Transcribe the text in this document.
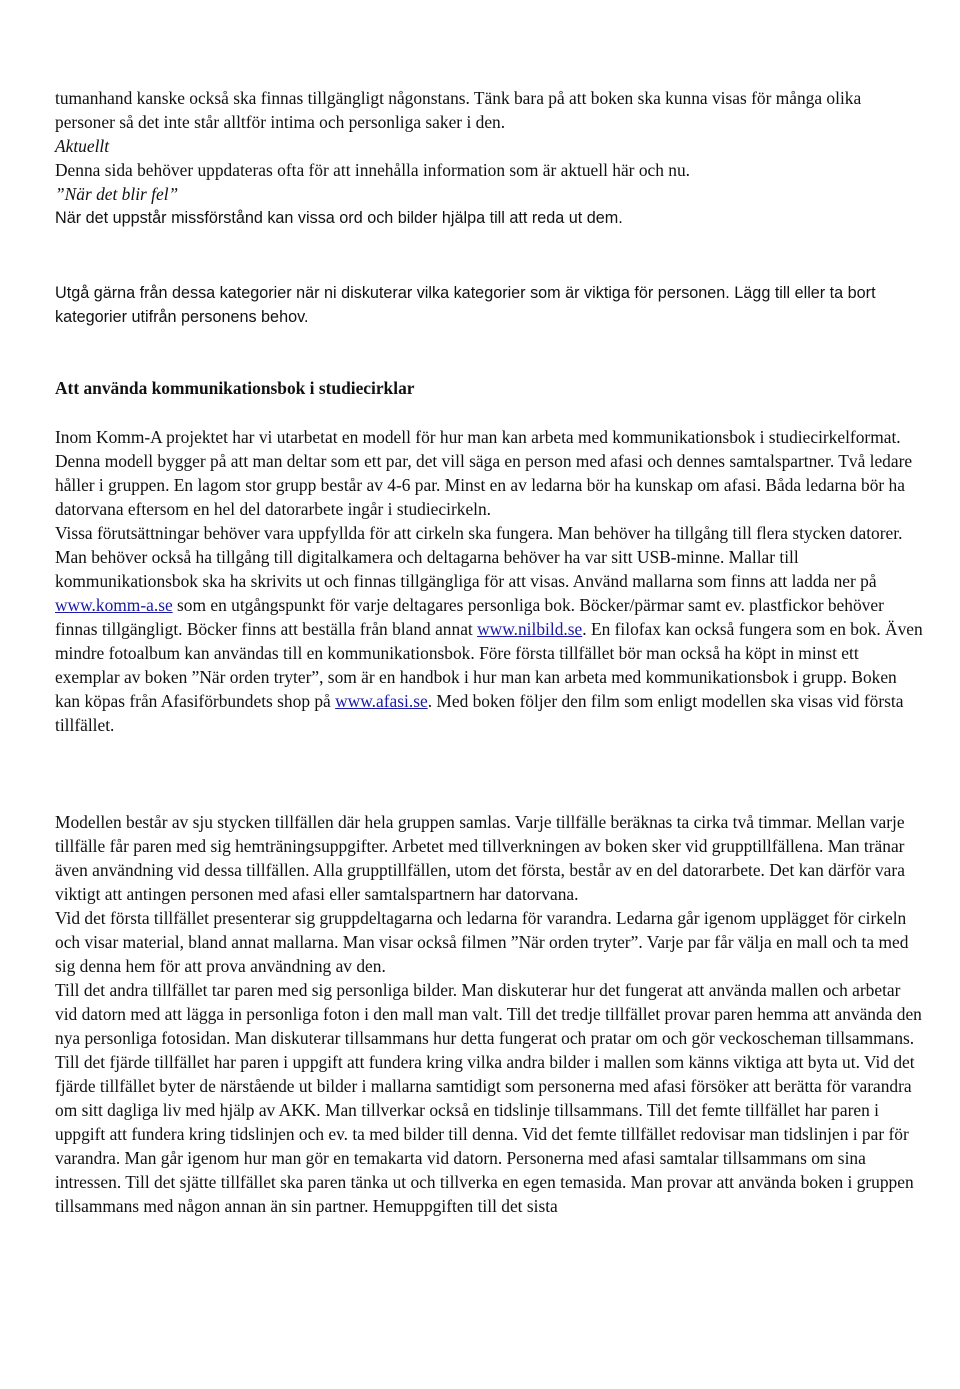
tumanhand kanske också ska finnas tillgängligt någonstans. Tänk bara på att boken ska kunna visas för många olika personer så det inte står alltför intima och personliga saker i den.

Aktuellt

Denna sida behöver uppdateras ofta för att innehålla information som är aktuell här och nu.

”När det blir fel”

När det uppstår missförstånd kan vissa ord och bilder hjälpa till att reda ut dem.

Utgå gärna från dessa kategorier när ni diskuterar vilka kategorier som är viktiga för personen. Lägg till eller ta bort kategorier utifrån personens behov.

Att använda kommunikationsbok i studiecirklar

Inom Komm-A projektet har vi utarbetat en modell för hur man kan arbeta med kommunikationsbok i studiecirkelformat. Denna modell bygger på att man deltar som ett par, det vill säga en person med afasi och dennes samtalspartner. Två ledare håller i gruppen. En lagom stor grupp består av 4-6 par. Minst en av ledarna bör ha kunskap om afasi. Båda ledarna bör ha datorvana eftersom en hel del datorarbete ingår i studiecirkeln.

Vissa förutsättningar behöver vara uppfyllda för att cirkeln ska fungera. Man behöver ha tillgång till flera stycken datorer. Man behöver också ha tillgång till digitalkamera och deltagarna behöver ha var sitt USB-minne. Mallar till kommunikationsbok ska ha skrivits ut och finnas tillgängliga för att visas. Använd mallarna som finns att ladda ner på www.komm-a.se som en utgångspunkt för varje deltagares personliga bok. Böcker/pärmar samt ev. plastfickor behöver finnas tillgängligt. Böcker finns att beställa från bland annat www.nilbild.se. En filofax kan också fungera som en bok. Även mindre fotoalbum kan användas till en kommunikationsbok. Före första tillfället bör man också ha köpt in minst ett exemplar av boken ”När orden tryter”, som är en handbok i hur man kan arbeta med kommunikationsbok i grupp. Boken kan köpas från Afasiförbundets shop på www.afasi.se. Med boken följer den film som enligt modellen ska visas vid första tillfället.

Modellen består av sju stycken tillfällen där hela gruppen samlas. Varje tillfälle beräknas ta cirka två timmar. Mellan varje tillfälle får paren med sig hemträningsuppgifter. Arbetet med tillverkningen av boken sker vid grupptillfällena. Man tränar även användning vid dessa tillfällen. Alla grupptillfällen, utom det första, består av en del datorarbete. Det kan därför vara viktigt att antingen personen med afasi eller samtalspartnern har datorvana.

Vid det första tillfället presenterar sig gruppdeltagarna och ledarna för varandra. Ledarna går igenom upplägget för cirkeln och visar material, bland annat mallarna. Man visar också filmen ”När orden tryter”. Varje par får välja en mall och ta med sig denna hem för att prova användning av den.

Till det andra tillfället tar paren med sig personliga bilder. Man diskuterar hur det fungerat att använda mallen och arbetar vid datorn med att lägga in personliga foton i den mall man valt. Till det tredje tillfället provar paren hemma att använda den nya personliga fotosidan. Man diskuterar tillsammans hur detta fungerat och pratar om och gör veckoscheman tillsammans. Till det fjärde tillfället har paren i uppgift att fundera kring vilka andra bilder i mallen som känns viktiga att byta ut. Vid det fjärde tillfället byter de närstående ut bilder i mallarna samtidigt som personerna med afasi försöker att berätta för varandra om sitt dagliga liv med hjälp av AKK. Man tillverkar också en tidslinje tillsammans. Till det femte tillfället har paren i uppgift att fundera kring tidslinjen och ev. ta med bilder till denna. Vid det femte tillfället redovisar man tidslinjen i par för varandra. Man går igenom hur man gör en temakarta vid datorn. Personerna med afasi samtalar tillsammans om sina intressen. Till det sjätte tillfället ska paren tänka ut och tillverka en egen temasida. Man provar att använda boken i gruppen tillsammans med någon annan än sin partner. Hemuppgiften till det sista
